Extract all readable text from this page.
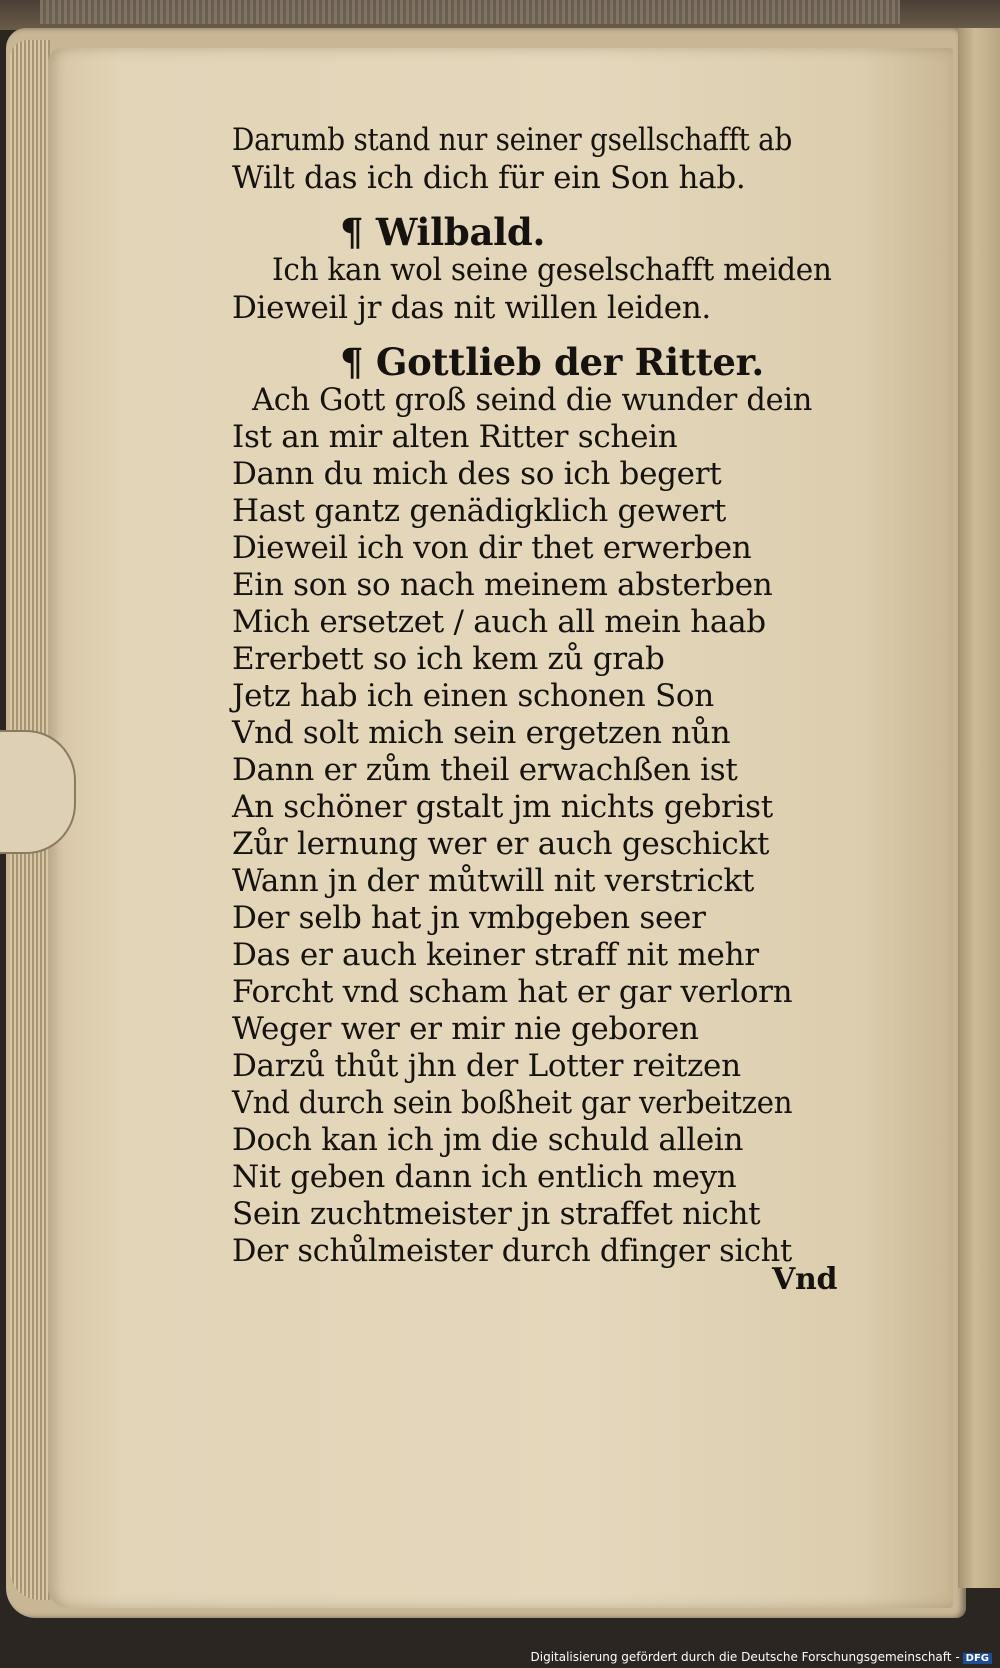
Darumb stand nur seiner gsellschafft ab
Wilt das ich dich für ein Son hab.
¶ Wilbald.
Ich kan wol seine geselschafft meiden
Dieweil jr das nit willen leiden.
¶ Gottlieb der Ritter.
Ach Gott groß seind die wunder dein
Ist an mir alten Ritter schein
Dann du mich des so ich begert
Hast gantz genädigklich gewert
Dieweil ich von dir thet erwerben
Ein son so nach meinem absterben
Mich ersetzet / auch all mein haab
Ererbett so ich kem zů grab
Jetz hab ich einen schonen Son
Vnd solt mich sein ergetzen nůn
Dann er zům theil erwachßen ist
An schöner gstalt jm nichts gebrist
Zůr lernung wer er auch geschickt
Wann jn der můtwill nit verstrickt
Der selb hat jn vmbgeben seer
Das er auch keiner straff nit mehr
Forcht vnd scham hat er gar verlorn
Weger wer er mir nie geboren
Darzů thůt jhn der Lotter reitzen
Vnd durch sein boßheit gar verbeitzen
Doch kan ich jm die schuld allein
Nit geben dann ich entlich meyn
Sein zuchtmeister jn straffet nicht
Der schůlmeister durch dfinger sicht
Vnd
Digitalisierung gefördert durch die Deutsche Forschungsgemeinschaft - DFG
